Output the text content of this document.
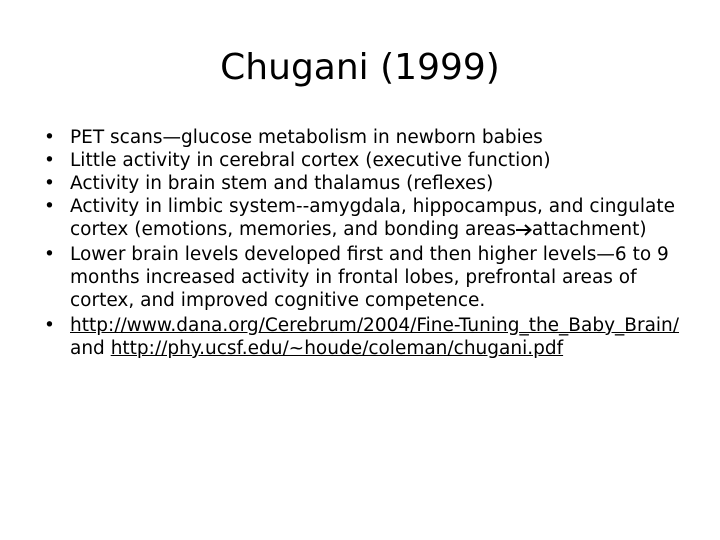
Chugani (1999)
• PET scans—glucose metabolism in newborn babies
• Little activity in cerebral cortex (executive function)
• Activity in brain stem and thalamus (reflexes)
• Activity in limbic system--amygdala, hippocampus, and cingulate cortex (emotions, memories, and bonding areas attachment)
• Lower brain levels developed first and then higher levels—6 to 9 months increased activity in frontal lobes, prefrontal areas of cortex, and improved cognitive competence.
• http://www.dana.org/Cerebrum/2004/Fine-Tuning_the_Baby_Brain/ and http://phy.ucsf.edu/~houde/coleman/chugani.pdf
